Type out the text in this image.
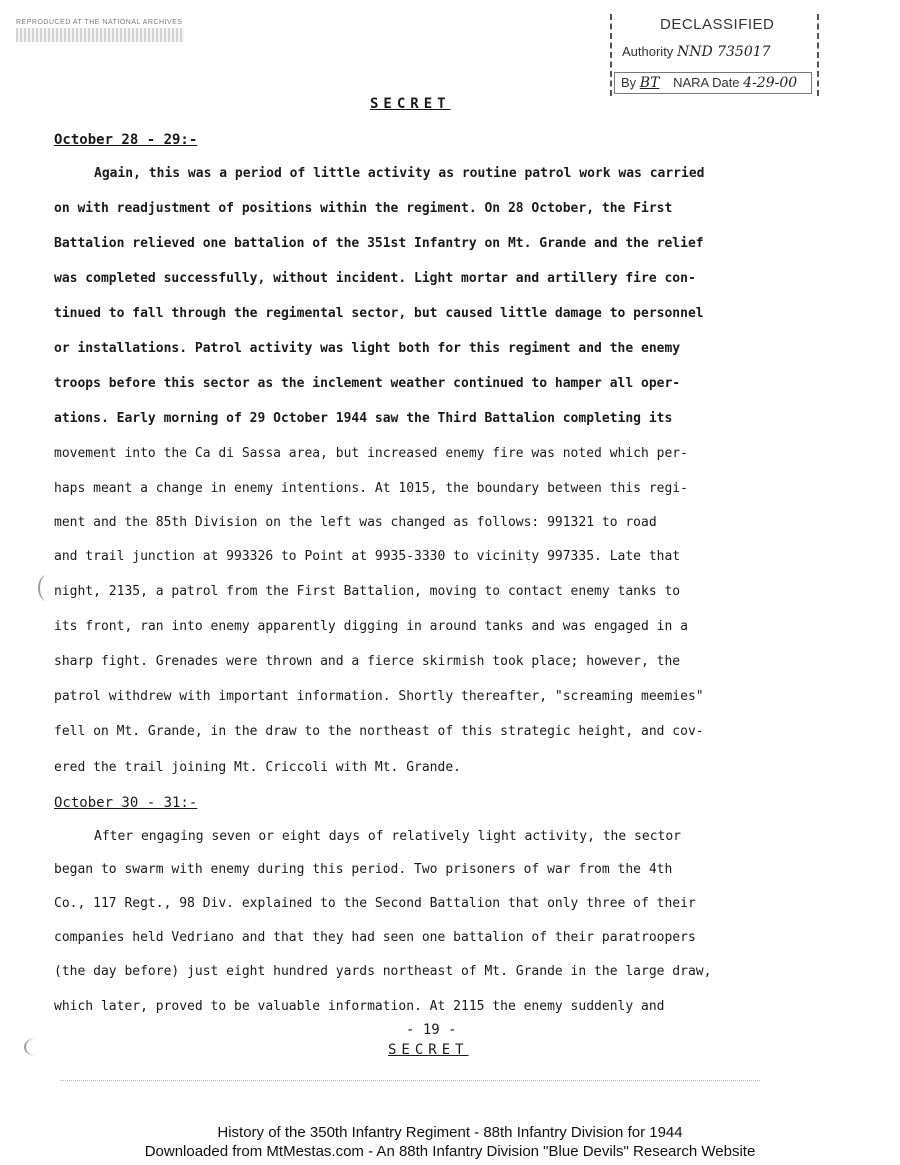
REPRODUCED AT THE NATIONAL ARCHIVES	DECLASSIFIED
Authority NND 735017
By BT NARA Date 4-29-00
SECRET
October 28 - 29:-
Again, this was a period of little activity as routine patrol work was carried
on with readjustment of positions within the regiment. On 28 October, the First
Battalion relieved one battalion of the 351st Infantry on Mt. Grande and the relief
was completed successfully, without incident. Light mortar and artillery fire con-
tinued to fall through the regimental sector, but caused little damage to personnel
or installations. Patrol activity was light both for this regiment and the enemy
troops before this sector as the inclement weather continued to hamper all oper-
ations. Early morning of 29 October 1944 saw the Third Battalion completing its
movement into the Ca di Sassa area, but increased enemy fire was noted which per-
haps meant a change in enemy intentions. At 1015, the boundary between this regi-
ment and the 85th Division on the left was changed as follows: 991321 to road
and trail junction at 993326 to Point at 9935-3330 to vicinity 997335. Late that
night, 2135, a patrol from the First Battalion, moving to contact enemy tanks to
its front, ran into enemy apparently digging in around tanks and was engaged in a
sharp fight. Grenades were thrown and a fierce skirmish took place; however, the
patrol withdrew with important information. Shortly thereafter, "screaming meemies"
fell on Mt. Grande, in the draw to the northeast of this strategic height, and cov-
ered the trail joining Mt. Criccoli with Mt. Grande.
October 30 - 31:-
After engaging seven or eight days of relatively light activity, the sector
began to swarm with enemy during this period. Two prisoners of war from the 4th
Co., 117 Regt., 98 Div. explained to the Second Battalion that only three of their
companies held Vedriano and that they had seen one battalion of their paratroopers
(the day before) just eight hundred yards northeast of Mt. Grande in the large draw,
which later, proved to be valuable information. At 2115 the enemy suddenly and
- 19 -
SECRET
History of the 350th Infantry Regiment - 88th Infantry Division for 1944
Downloaded from MtMestas.com - An 88th Infantry Division "Blue Devils" Research Website
